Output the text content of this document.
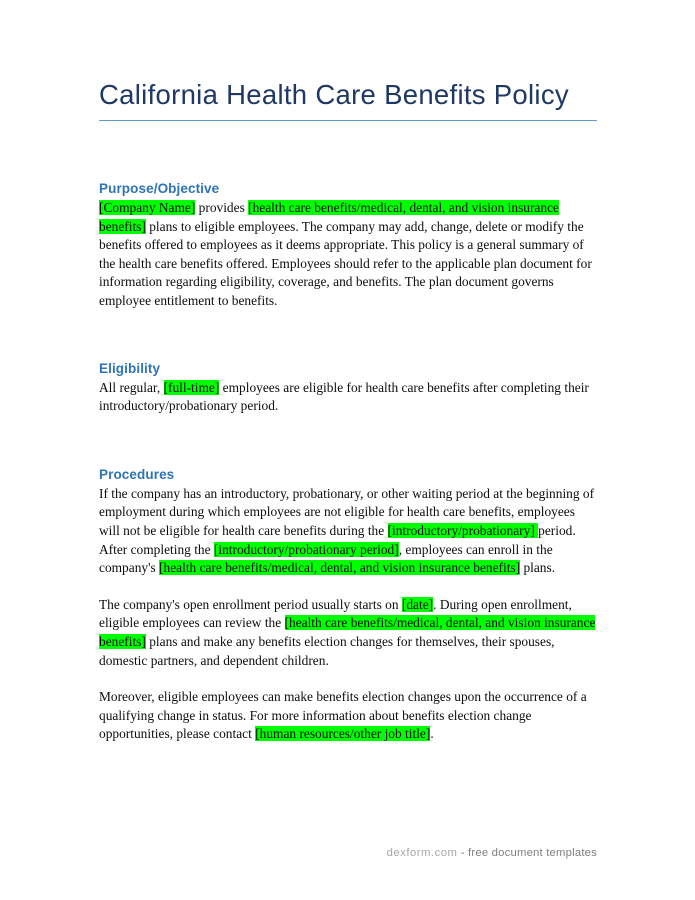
California Health Care Benefits Policy
Purpose/Objective

[Company Name] provides [health care benefits/medical, dental, and vision insurance benefits] plans to eligible employees. The company may add, change, delete or modify the benefits offered to employees as it deems appropriate. This policy is a general summary of the health care benefits offered. Employees should refer to the applicable plan document for information regarding eligibility, coverage, and benefits. The plan document governs employee entitlement to benefits.

Eligibility

All regular, [full-time] employees are eligible for health care benefits after completing their introductory/probationary period.

Procedures

If the company has an introductory, probationary, or other waiting period at the beginning of employment during which employees are not eligible for health care benefits, employees will not be eligible for health care benefits during the [introductory/probationary] period. After completing the [introductory/probationary period], employees can enroll in the company's [health care benefits/medical, dental, and vision insurance benefits] plans.

The company's open enrollment period usually starts on [date]. During open enrollment, eligible employees can review the [health care benefits/medical, dental, and vision insurance benefits] plans and make any benefits election changes for themselves, their spouses, domestic partners, and dependent children.

Moreover, eligible employees can make benefits election changes upon the occurrence of a qualifying change in status. For more information about benefits election change opportunities, please contact [human resources/other job title].

dexform.com - free document templates
